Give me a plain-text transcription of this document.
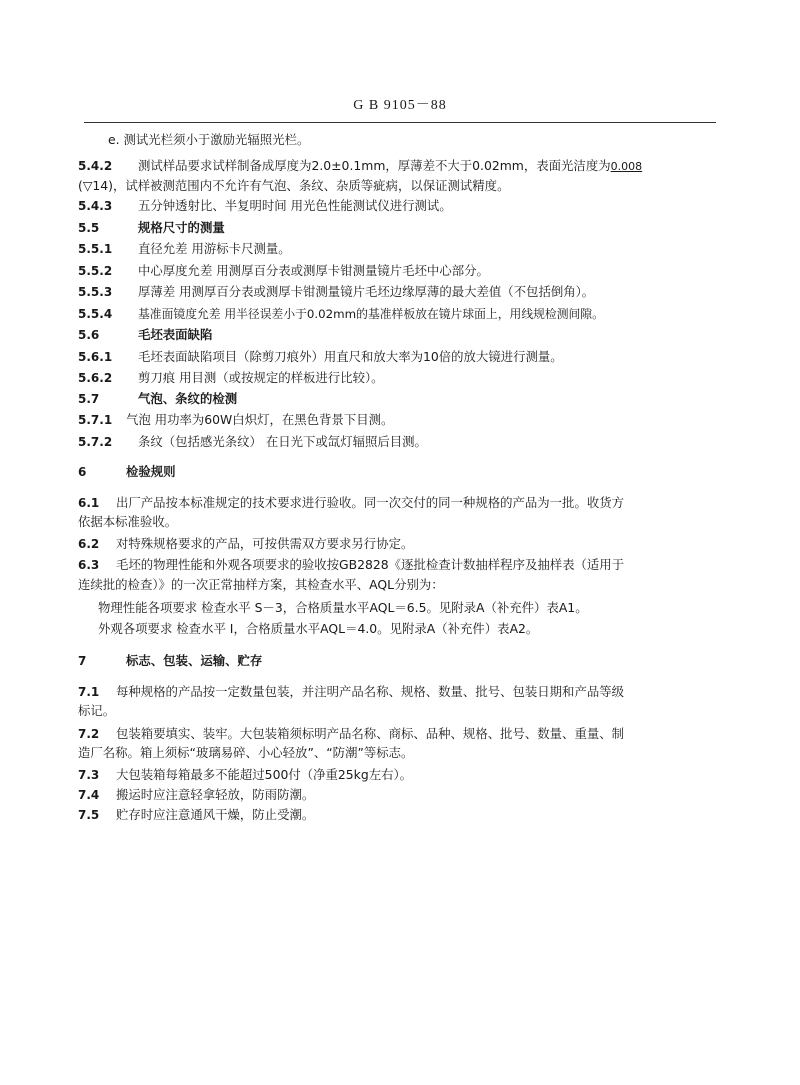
G B 9105－88
e. 测试光栏须小于激励光辐照光栏。
5.4.2 测试样品要求试样制备成厚度为2.0±0.1mm，厚薄差不大于0.02mm，表面光洁度为0.008
(▽14)，试样被测范围内不允许有气泡、条纹、杂质等疵病，以保证测试精度。
5.4.3 五分钟透射比、半复明时间 用光色性能测试仪进行测试。
5.5	规格尺寸的测量
5.5.1 直径允差 用游标卡尺测量。
5.5.2 中心厚度允差 用测厚百分表或测厚卡钳测量镜片毛坯中心部分。
5.5.3 厚薄差 用测厚百分表或测厚卡钳测量镜片毛坯边缘厚薄的最大差值（不包括倒角）。
5.5.4 基准面镜度允差 用半径误差小于0.02mm的基准样板放在镜片球面上，用线规检测间隙。
5.6	毛坯表面缺陷
5.6.1 毛坯表面缺陷项目（除剪刀痕外）用直尺和放大率为10倍的放大镜进行测量。
5.6.2 剪刀痕 用目测（或按规定的样板进行比较）。
5.7	气泡、条纹的检测
5.7.1 气泡 用功率为60W白炽灯，在黑色背景下目测。
5.7.2 条纹（包括感光条纹） 在日光下或氙灯辐照后目测。
6	检验规则
6.1 出厂产品按本标准规定的技术要求进行验收。同一次交付的同一种规格的产品为一批。收货方
依据本标准验收。
6.2 对特殊规格要求的产品，可按供需双方要求另行协定。
6.3 毛坯的物理性能和外观各项要求的验收按GB2828《逐批检查计数抽样程序及抽样表（适用于
连续批的检查）》的一次正常抽样方案，其检查水平、AQL分别为：
物理性能各项要求 检查水平 S－3，合格质量水平AQL＝6.5。见附录A（补充件）表A1。
外观各项要求 检查水平 I，合格质量水平AQL＝4.0。见附录A（补充件）表A2。
7	标志、包装、运输、贮存
7.1 每种规格的产品按一定数量包装，并注明产品名称、规格、数量、批号、包装日期和产品等级
标记。
7.2 包装箱要填实、装牢。大包装箱须标明产品名称、商标、品种、规格、批号、数量、重量、制
造厂名称。箱上须标“玻璃易碎、小心轻放”、“防潮”等标志。
7.3 大包装箱每箱最多不能超过500付（净重25kg左右）。
7.4 搬运时应注意轻拿轻放，防雨防潮。
7.5 贮存时应注意通风干燥，防止受潮。
